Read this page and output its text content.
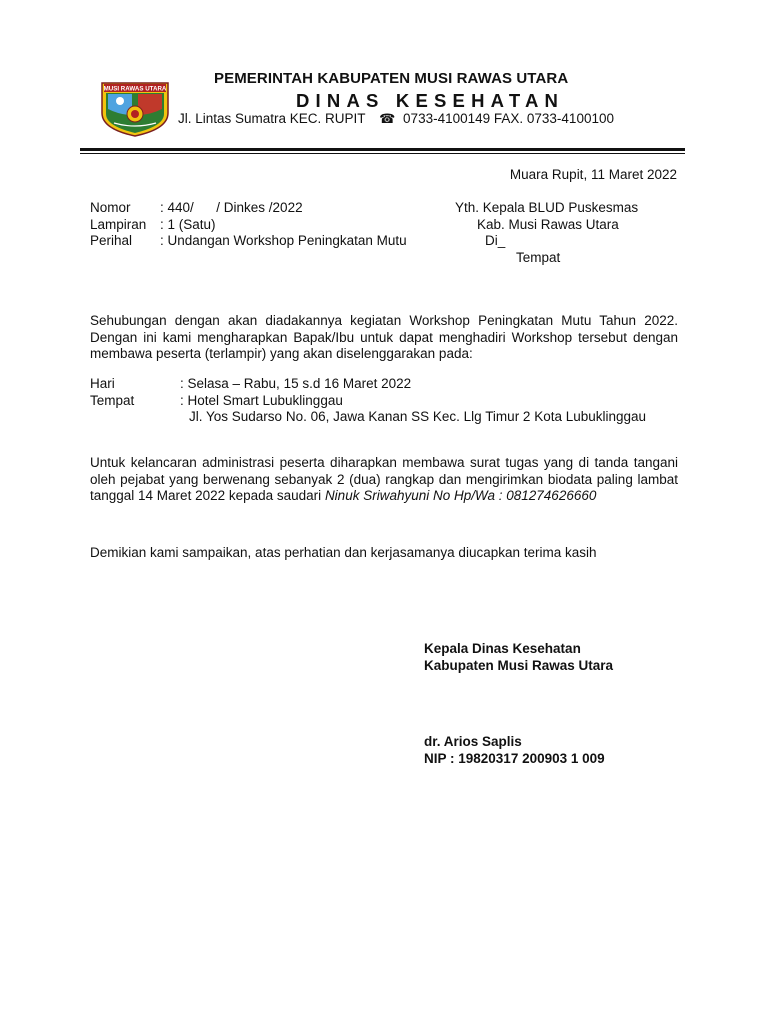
MUSI RAWAS UTARA
PEMERINTAH KABUPATEN MUSI RAWAS UTARA
DINAS KESEHATAN
Jl. Lintas Sumatra KEC. RUPIT ☎ 0733-4100149 FAX. 0733-4100100
Muara Rupit, 11 Maret 2022
Nomor	: 440/      / Dinkes /2022
Lampiran	: 1 (Satu)
Perihal	: Undangan Workshop Peningkatan Mutu
Yth. Kepala BLUD Puskesmas
Kab. Musi Rawas Utara
Di_
Tempat
Sehubungan dengan akan diadakannya kegiatan Workshop Peningkatan Mutu Tahun 2022. Dengan ini kami mengharapkan Bapak/Ibu untuk dapat menghadiri Workshop tersebut dengan membawa peserta (terlampir) yang akan diselenggarakan pada:
Hari	: Selasa – Rabu, 15 s.d 16 Maret 2022
Tempat	: Hotel Smart Lubuklinggau
Jl. Yos Sudarso No. 06, Jawa Kanan SS Kec. Llg Timur 2 Kota Lubuklinggau
Untuk kelancaran administrasi peserta diharapkan membawa surat tugas yang di tanda tangani oleh pejabat yang berwenang sebanyak 2 (dua) rangkap dan mengirimkan biodata paling lambat tanggal 14 Maret 2022 kepada saudari Ninuk Sriwahyuni No Hp/Wa : 081274626660
Demikian kami sampaikan, atas perhatian dan kerjasamanya diucapkan terima kasih
Kepala Dinas Kesehatan
Kabupaten Musi Rawas Utara
dr. Arios Saplis
NIP : 19820317 200903 1 009
